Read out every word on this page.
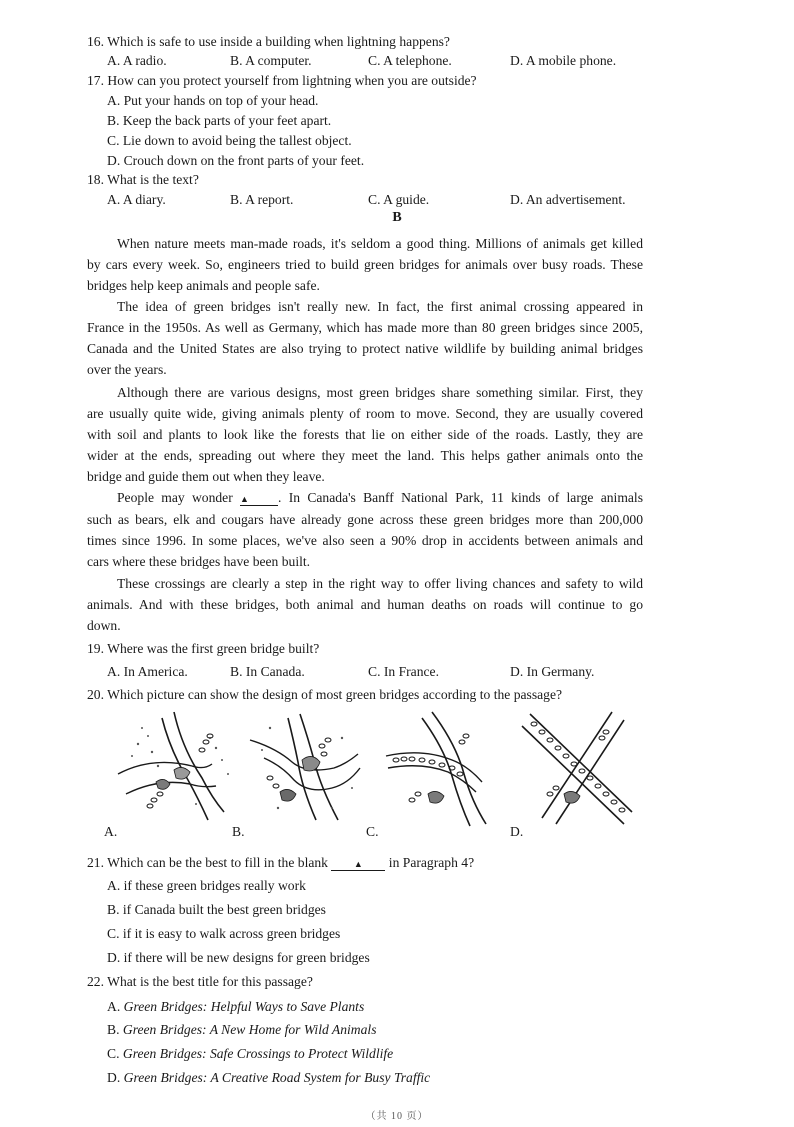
16. Which is safe to use inside a building when lightning happens?
A. A radio.	B. A computer.	C. A telephone.	D. A mobile phone.
17. How can you protect yourself from lightning when you are outside?
A. Put your hands on top of your head.
B. Keep the back parts of your feet apart.
C. Lie down to avoid being the tallest object.
D. Crouch down on the front parts of your feet.
18. What is the text?
A. A diary.	B. A report.	C. A guide.	D. An advertisement.
B
When nature meets man-made roads, it's seldom a good thing. Millions of animals get killed
by cars every week. So, engineers tried to build green bridges for animals over busy roads. These
bridges help keep animals and people safe.
The idea of green bridges isn't really new. In fact, the first animal crossing appeared in
France in the 1950s. As well as Germany, which has made more than 80 green bridges since 2005,
Canada and the United States are also trying to protect native wildlife by building animal bridges
over the years.
Although there are various designs, most green bridges share something similar. First, they
are usually quite wide, giving animals plenty of room to move. Second, they are usually covered
with soil and plants to look like the forests that lie on either side of the roads. Lastly, they are
wider at the ends, spreading out where they meet the land. This helps gather animals onto the
bridge and guide them out when they leave.
People may wonder ▲ . In Canada's Banff National Park, 11 kinds of large animals
such as bears, elk and cougars have already gone across these green bridges more than 200,000
times since 1996. In some places, we've also seen a 90% drop in accidents between animals and
cars where these bridges have been built.
These crossings are clearly a step in the right way to offer living chances and safety to wild
animals. And with these bridges, both animal and human deaths on roads will continue to go
down.
19. Where was the first green bridge built?
A. In America.	B. In Canada.	C. In France.	D. In Germany.
20. Which picture can show the design of most green bridges according to the passage?
A.	B.	C.	D.
21. Which can be the best to fill in the blank	▲ in Paragraph 4?
A. if these green bridges really work
B. if Canada built the best green bridges
C. if it is easy to walk across green bridges
D. if there will be new designs for green bridges
22. What is the best title for this passage?
A. Green Bridges: Helpful Ways to Save Plants
B. Green Bridges: A New Home for Wild Animals
C. Green Bridges: Safe Crossings to Protect Wildlife
D. Green Bridges: A Creative Road System for Busy Traffic
（共 10 页）
